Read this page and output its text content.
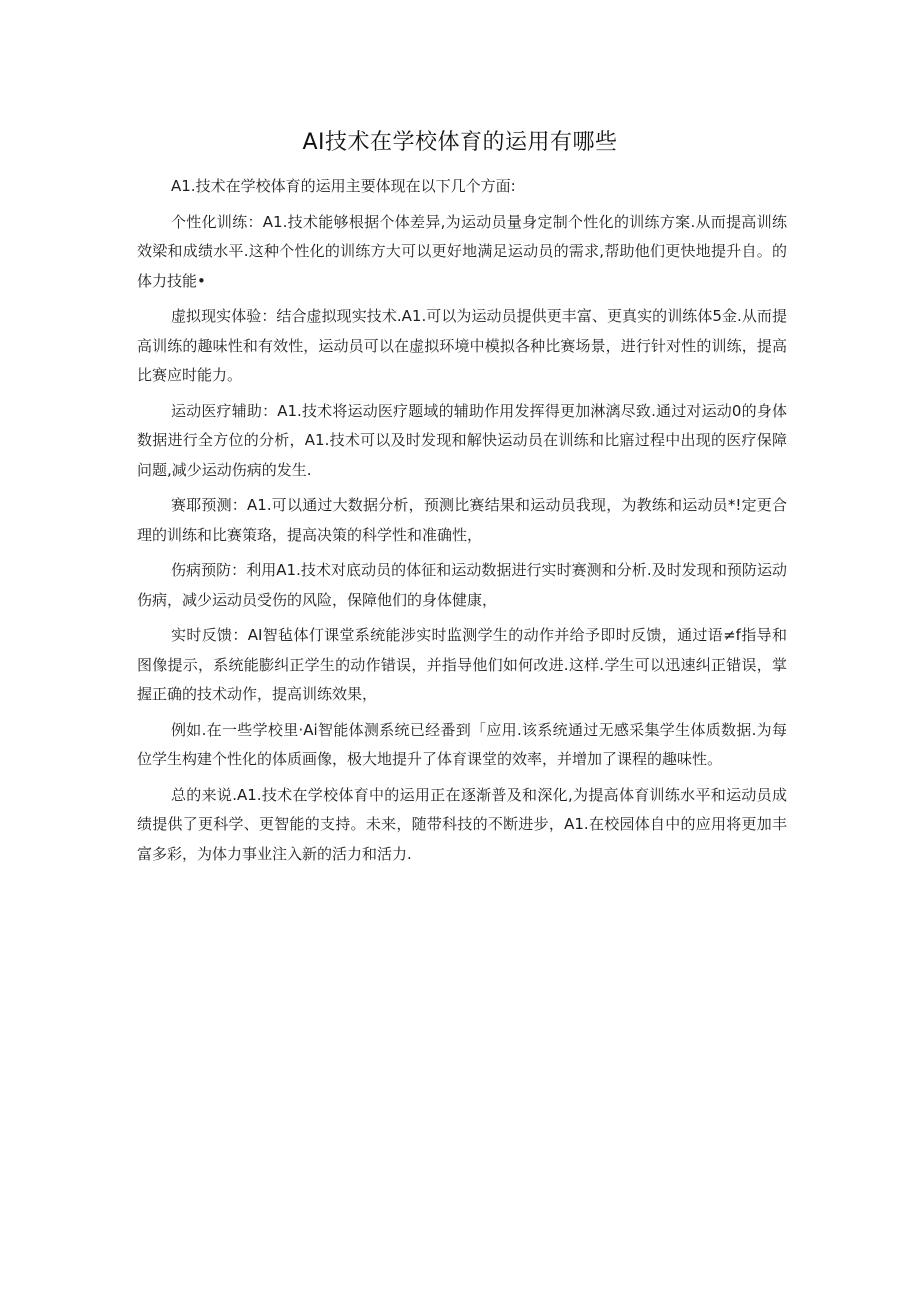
AI技术在学校体育的运用有哪些

A1.技术在学校体育的运用主要体现在以下几个方面:

个性化训练：A1.技术能够根据个体差异,为运动员量身定制个性化的训练方案.从而提高训练效梁和成绩水平.这种个性化的训练方大可以更好地满足运动员的需求,帮助他们更快地提升自。的体力技能•

虚拟现实体验：结合虚拟现实技术.A1.可以为运动员提供更丰富、更真实的训练体5金.从而提高训练的趣味性和有效性，运动员可以在虚拟环境中模拟各种比赛场景，进行针对性的训练，提高比赛应时能力。

运动医疗辅助：A1.技术将运动医疗题域的辅助作用发挥得更加淋漓尽致.通过对运动0的身体数据进行全方位的分析，A1.技术可以及时发现和解快运动员在训练和比寤过程中出现的医疗保障问题,减少运动伤病的发生.

赛耶预测：A1.可以通过大数据分析，预测比赛结果和运动员我现，为教练和运动员*!定更合理的训练和比赛策珞，提高决策的科学性和准确性，

伤病预防：利用A1.技术对底动员的体征和运动数据进行实时赛测和分析.及时发现和预防运动伤病，减少运动员受伤的风险，保障他们的身体健康，

实时反馈：AI智毡体仃课堂系统能涉实时监测学生的动作并给予即时反馈，通过语≠f指导和图像提示，系统能膨纠正学生的动作错误，并指导他们如何改进.这样.学生可以迅速纠正错误，掌握正确的技术动作，提高训练效果，

例如.在一些学校里·Ai智能体测系统已经番到「应用.该系统通过无感采集学生体质数据.为每位学生构建个性化的体质画像，极大地提升了体育课堂的效率，并增加了课程的趣味性。

总的来说.A1.技术在学校体育中的运用正在逐渐普及和深化,为提高体育训练水平和运动员成绩提供了更科学、更智能的支持。未来，随带科技的不断进步，A1.在校园体自中的应用将更加丰富多彩，为体力事业注入新的活力和活力.
